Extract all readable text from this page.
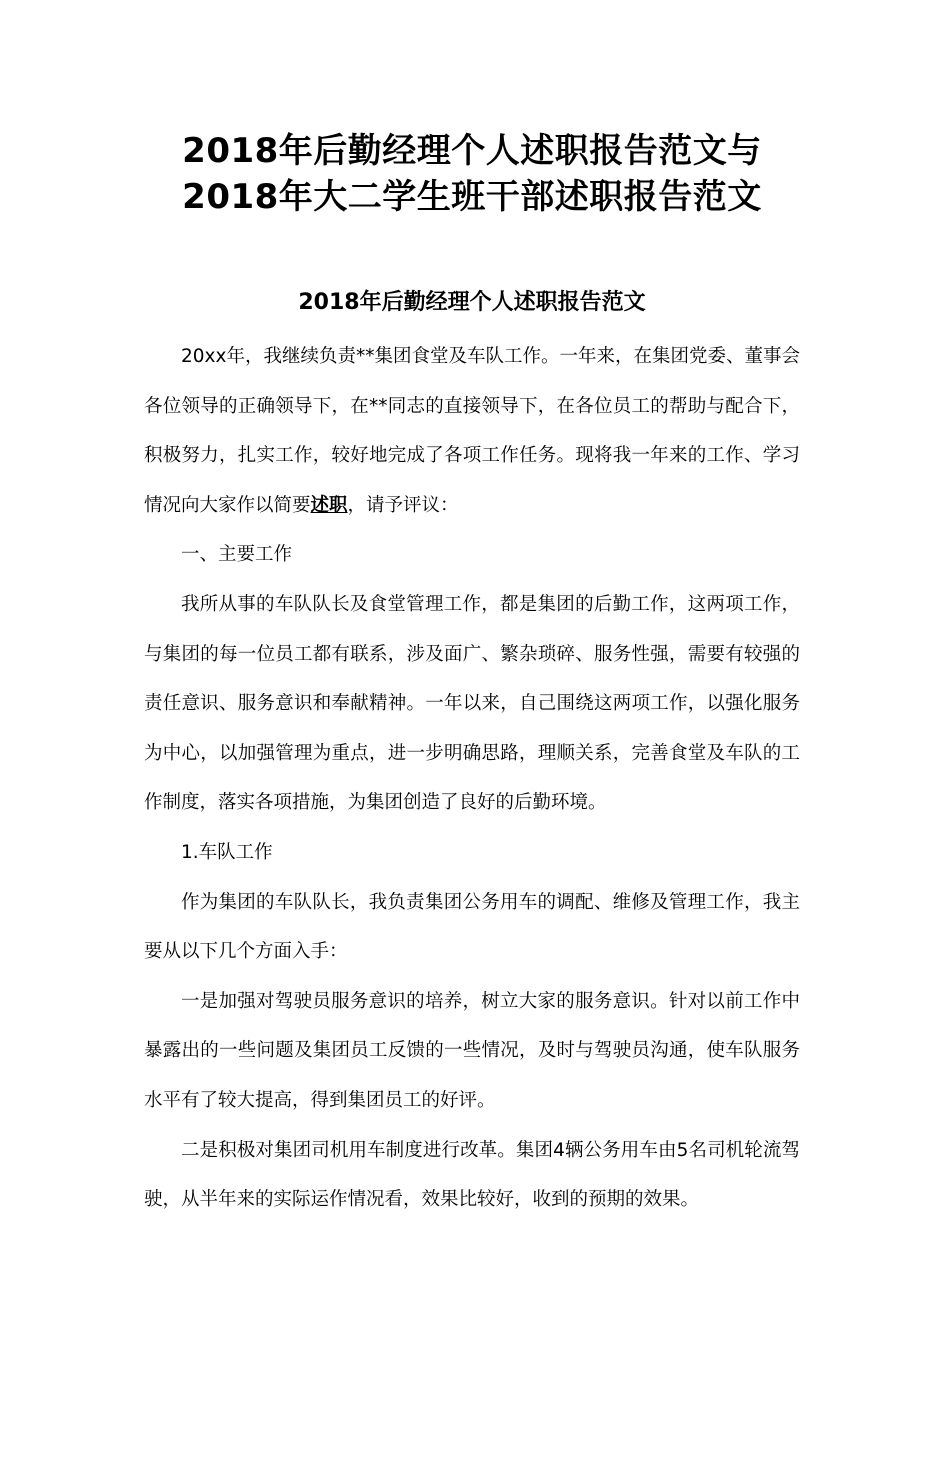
2018年后勤经理个人述职报告范文与
2018年大二学生班干部述职报告范文
2018年后勤经理个人述职报告范文

20xx年，我继续负责**集团食堂及车队工作。一年来，在集团党委、董事会各位领导的正确领导下，在**同志的直接领导下，在各位员工的帮助与配合下，积极努力，扎实工作，较好地完成了各项工作任务。现将我一年来的工作、学习情况向大家作以简要述职，请予评议：

一、主要工作

我所从事的车队队长及食堂管理工作，都是集团的后勤工作，这两项工作，与集团的每一位员工都有联系，涉及面广、繁杂琐碎、服务性强，需要有较强的责任意识、服务意识和奉献精神。一年以来，自己围绕这两项工作，以强化服务为中心，以加强管理为重点，进一步明确思路，理顺关系，完善食堂及车队的工作制度，落实各项措施，为集团创造了良好的后勤环境。

1.车队工作

作为集团的车队队长，我负责集团公务用车的调配、维修及管理工作，我主要从以下几个方面入手：

一是加强对驾驶员服务意识的培养，树立大家的服务意识。针对以前工作中暴露出的一些问题及集团员工反馈的一些情况，及时与驾驶员沟通，使车队服务水平有了较大提高，得到集团员工的好评。

二是积极对集团司机用车制度进行改革。集团4辆公务用车由5名司机轮流驾驶，从半年来的实际运作情况看，效果比较好，收到的预期的效果。
